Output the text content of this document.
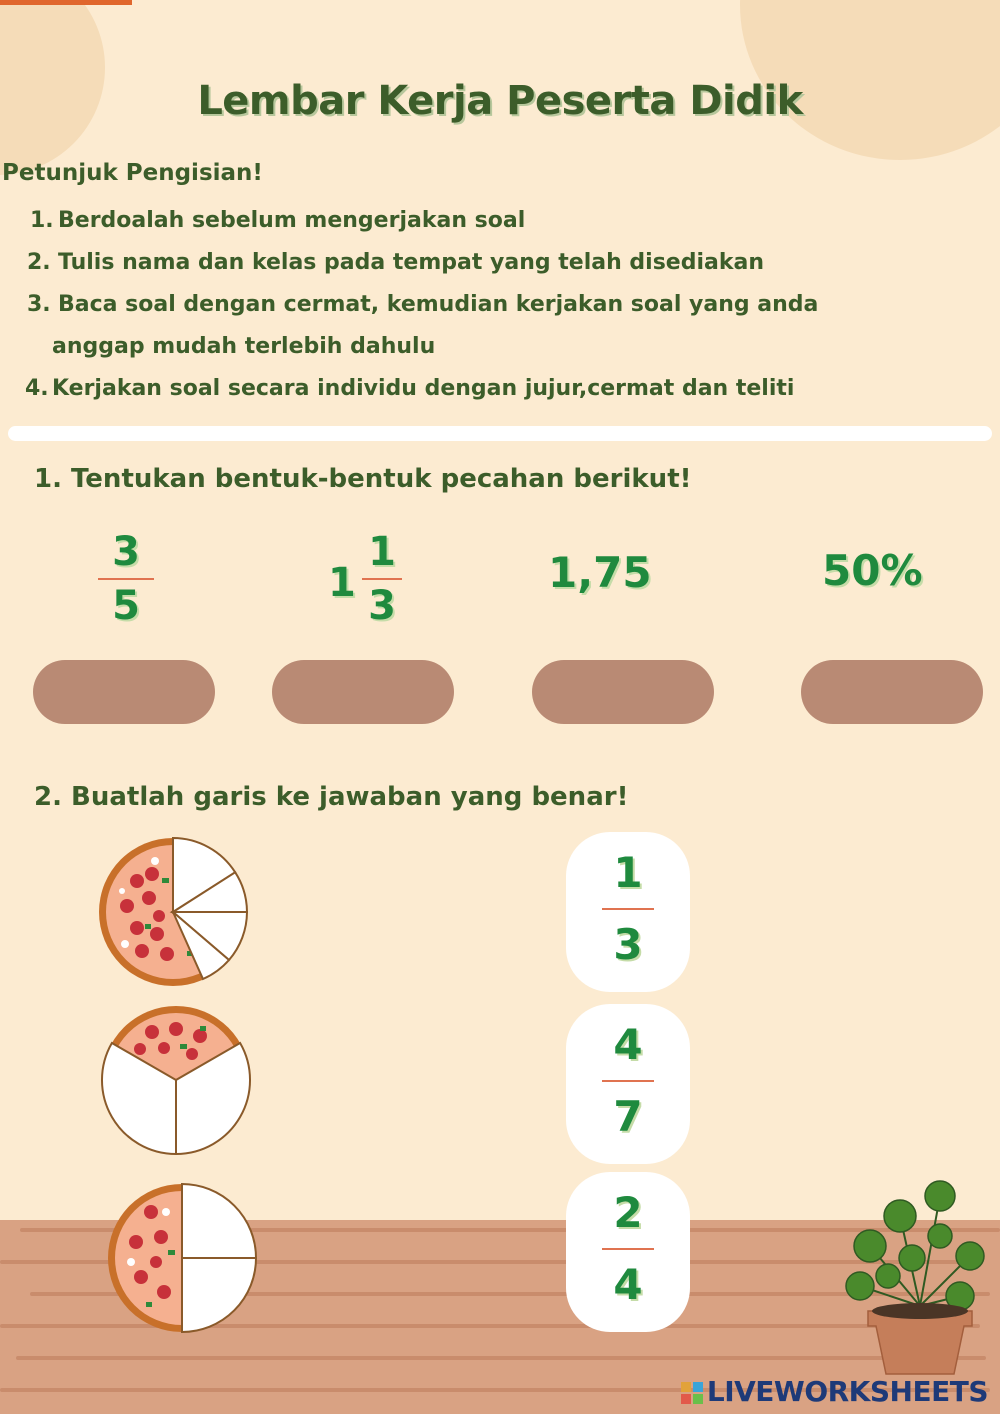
Lembar Kerja Peserta Didik
Petunjuk Pengisian!
1. Berdoalah sebelum mengerjakan soal
2. Tulis nama dan kelas pada tempat yang telah disediakan
3. Baca soal dengan cermat, kemudian kerjakan soal yang anda
anggap mudah terlebih dahulu
4. Kerjakan soal secara individu dengan jujur,cermat dan teliti
1. Tentukan bentuk-bentuk pecahan berikut!
3
5	1
1
3
1,75	50%
2. Buatlah garis ke jawaban yang benar!
1
3
4
7
2
4
LIVEWORKSHEETS
